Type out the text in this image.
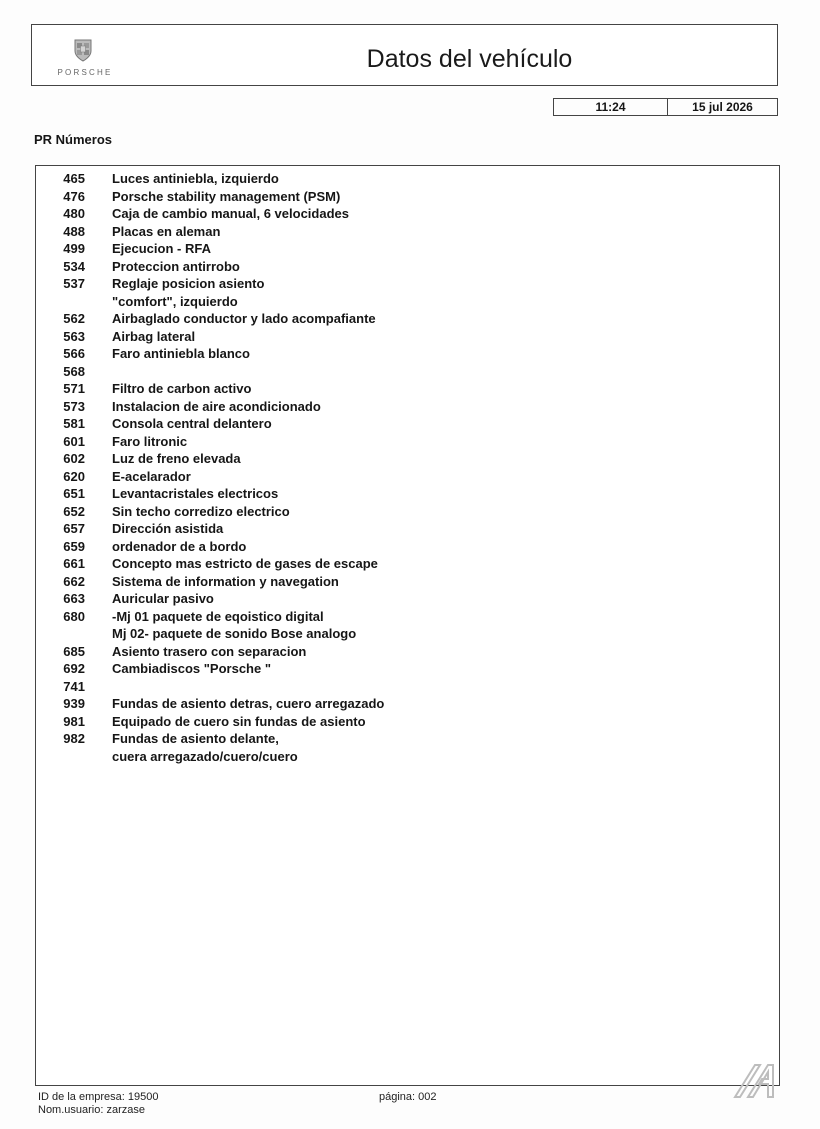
PORSCHE	Datos del vehículo
11:24	15 jul 2026
PR Números
465 Luces antiniebla, izquierdo
476 Porsche stability management (PSM)
480 Caja de cambio manual, 6 velocidades
488 Placas en aleman
499 Ejecucion - RFA
534 Proteccion antirrobo
537 Reglaje posicion asiento
"comfort", izquierdo
562 Airbaglado conductor y lado acompafiante
563 Airbag lateral
566 Faro antiniebla blanco
568
571 Filtro de carbon activo
573 Instalacion de aire acondicionado
581 Consola central delantero
601 Faro litronic
602 Luz de freno elevada
620 E-acelarador
651 Levantacristales electricos
652 Sin techo corredizo electrico
657 Dirección asistida
659 ordenador de a bordo
661 Concepto mas estricto de gases de escape
662 Sistema de information y navegation
663 Auricular pasivo
680 -Mj 01 paquete de eqoistico digital
Mj 02- paquete de sonido Bose analogo
685 Asiento trasero con separacion
692 Cambiadiscos "Porsche "
741
939 Fundas de asiento detras, cuero arregazado
981 Equipado de cuero sin fundas de asiento
982 Fundas de asiento delante,
cuera arregazado/cuero/cuero
ID de la empresa: 19500
Nom.usuario: zarzase
página: 002
